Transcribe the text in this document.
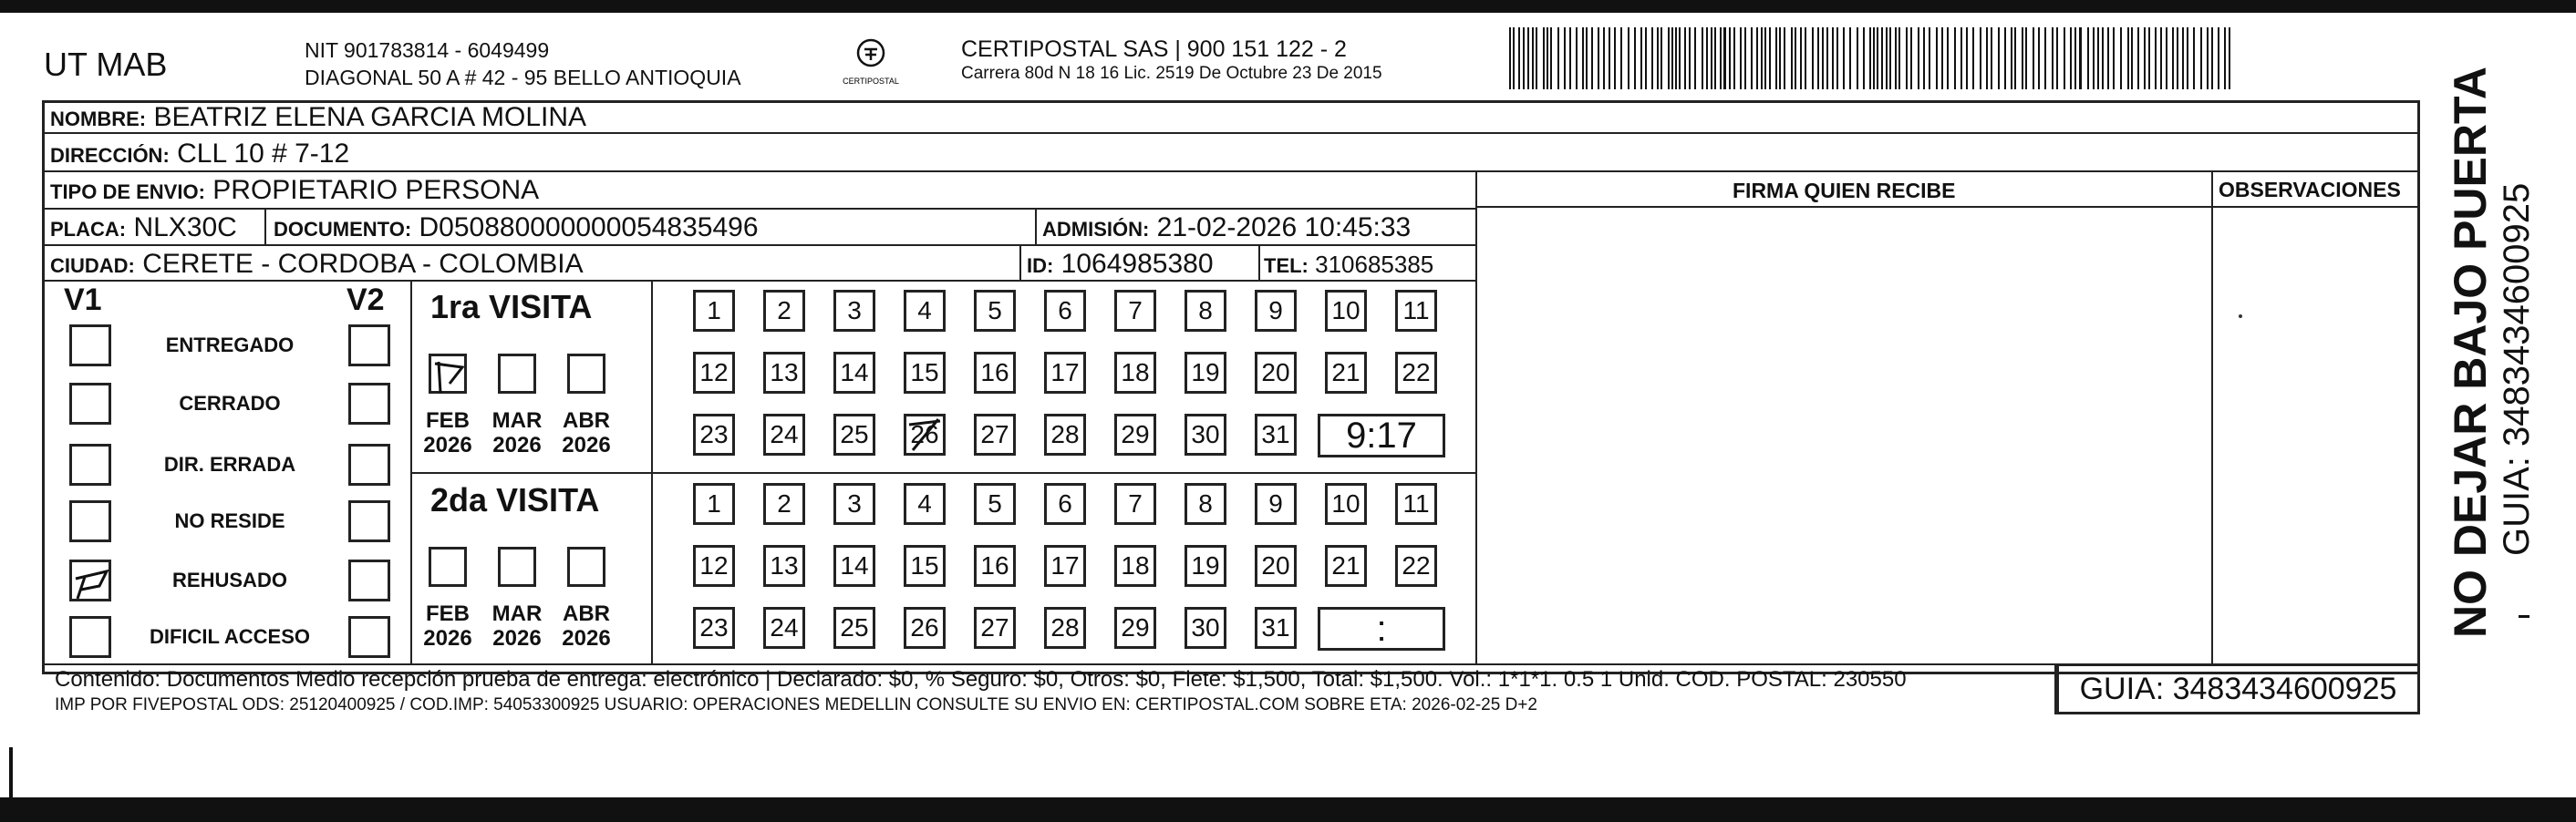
UT MAB	NIT 901783814 - 6049499
DIAGONAL 50 A # 42 - 95 BELLO ANTIOQUIA	CERTIPOSTAL
CERTIPOSTAL SAS | 900 151 122 - 2
Carrera 80d N 18 16 Lic. 2519 De Octubre 23 De 2015
NOMBRE: BEATRIZ ELENA GARCIA MOLINA
DIRECCIÓN: CLL 10 # 7-12
TIPO DE ENVIO: PROPIETARIO PERSONA	FIRMA QUIEN RECIBE	OBSERVACIONES
PLACA: NLX30C DOCUMENTO: D050880000000054835496	ADMISIÓN: 21-02-2026 10:45:33
CIUDAD: CERETE - CORDOBA - COLOMBIA	ID: 1064985380	TEL: 310685385
V1	V2
ENTREGADO
CERRADO
DIR. ERRADA
NO RESIDE
REHUSADO
DIFICIL ACCESO
1ra VISITA
2da VISITA
FEB
2026
MAR
2026
ABR
2026
1	2	3	4	5	6	7	8	9	10	11
12 13 14 15 16 17 18 19 20 21 22
23 24 25 26 27 28 29 30 31	9:17
FEB
2026
MAR
2026
ABR
2026
1	2	3	4	5	6	7	8	9	10	11
12 13 14 15 16 17 18 19 20 21 22
23 24 25 26 27 28 29 30 31	:
Contenido: Documentos Medio recepción prueba de entrega: electrónico | Declarado: $0, % Seguro: $0, Otros: $0, Flete: $1,500, Total: $1,500. Vol.: 1*1*1. 0.5 1 Unid. COD. POSTAL: 230550
IMP POR FIVEPOSTAL ODS: 25120400925 / COD.IMP: 54053300925 USUARIO: OPERACIONES MEDELLIN CONSULTE SU ENVIO EN: CERTIPOSTAL.COM SOBRE ETA: 2026-02-25 D+2	GUIA: 3483434600925
NO DEJAR BAJO PUERTA GUIA: 3483434600925
